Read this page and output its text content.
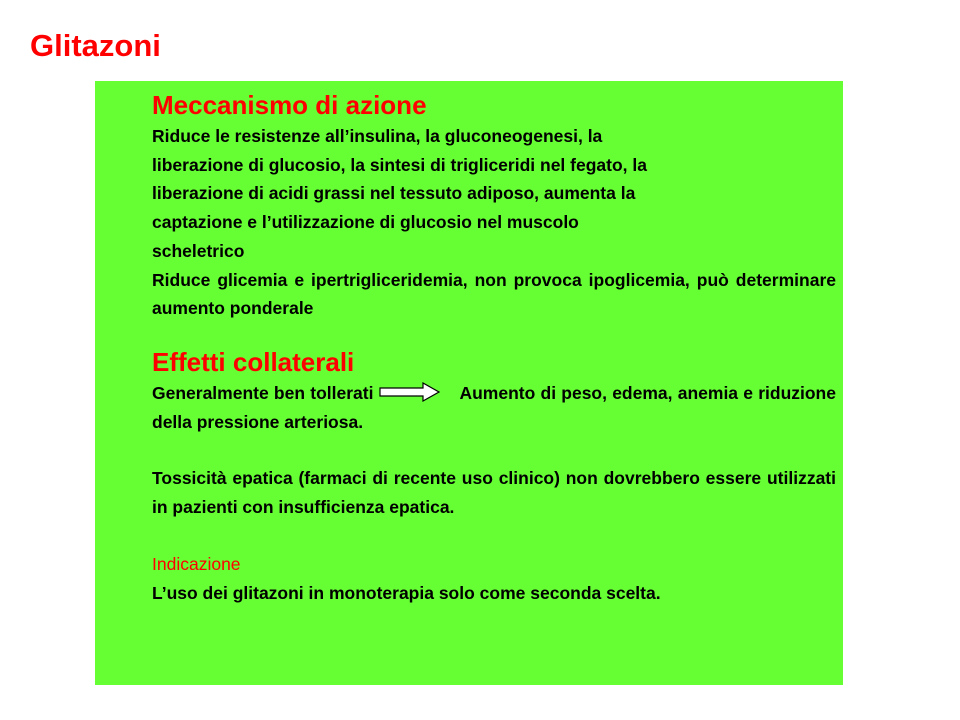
Glitazoni
Meccanismo di azione
Riduce le resistenze all’insulina, la gluconeogenesi, la
liberazione di glucosio, la sintesi di trigliceridi nel fegato, la
liberazione di acidi grassi nel tessuto adiposo, aumenta la
captazione e l’utilizzazione di glucosio nel muscolo
scheletrico

Riduce glicemia e ipertrigliceridemia, non provoca ipoglicemia, può determinare aumento ponderale

Effetti collaterali

Generalmente ben tollerati	Aumento di peso, edema, anemia e riduzione della pressione arteriosa.

Tossicità epatica (farmaci di recente uso clinico) non dovrebbero essere utilizzati in pazienti con insufficienza epatica.

Indicazione

L’uso dei glitazoni in monoterapia solo come seconda scelta.
